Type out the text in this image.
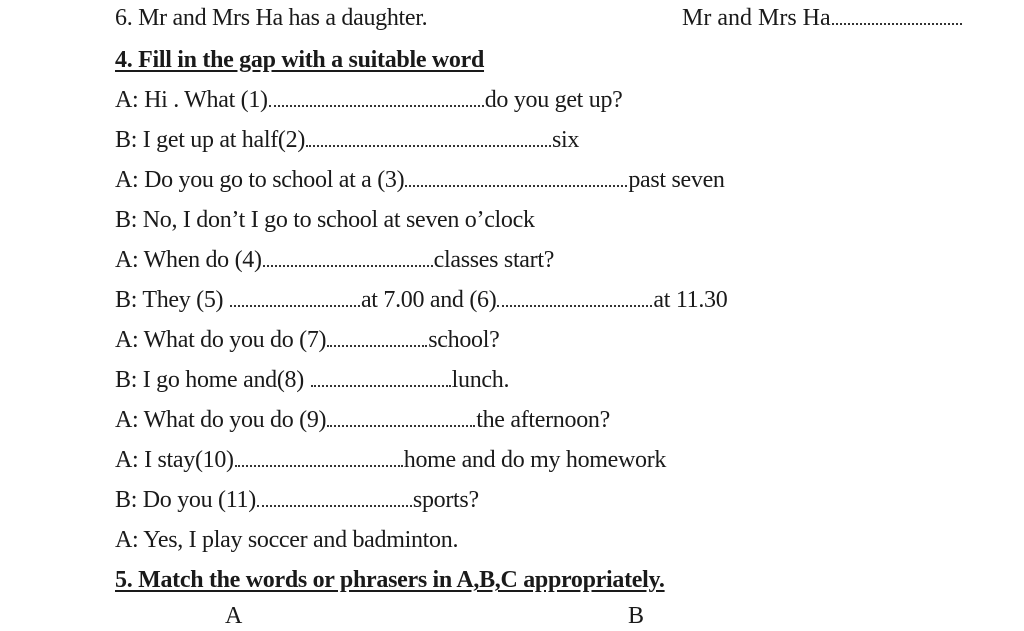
6. Mr and Mrs Ha has a daughter.	Mr and Mrs Ha
4. Fill in the gap with a suitable word
A: Hi . What (1)	do you get up?
B: I get up at half(2)	six
A: Do you go to school at a (3)	past seven
B: No, I don’t I go to school at seven o’clock
A: When do (4)	classes start?
B: They (5)	at 7.00 and (6)	at 11.30
A: What do you do (7)	school?
B: I go home and(8)	lunch.
A: What do you do (9)	the afternoon?
A: I stay(10)	home and do my homework
B: Do you (11)	sports?
A: Yes, I play soccer and badminton.
5. Match the words or phrasers in A,B,C appropriately.
A	B
